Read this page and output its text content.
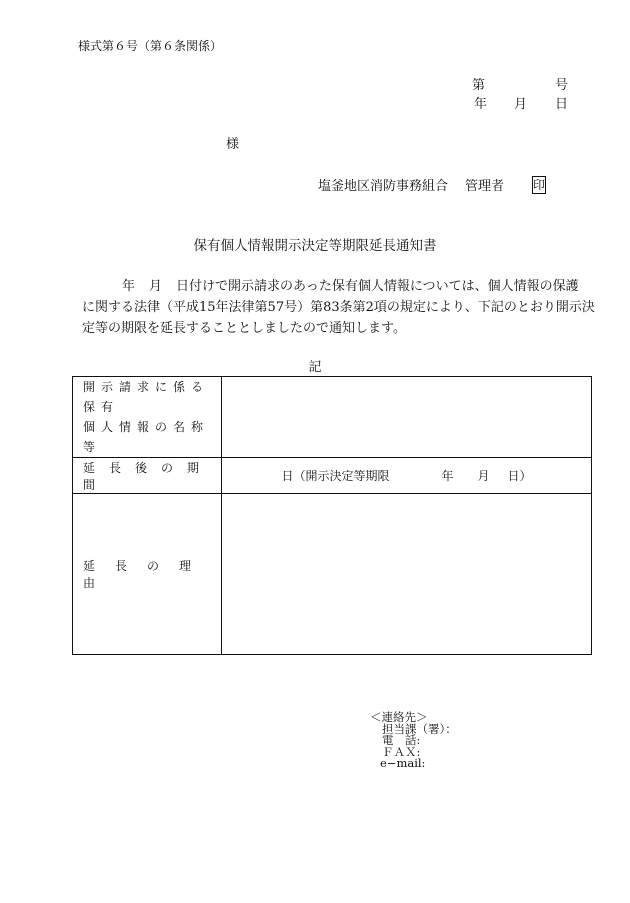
様式第６号（第６条関係）
第	号
年 月 日
様
塩釜地区消防事務組合 管理者 印
保有個人情報開示決定等期限延長通知書
年 月 日付けで開示請求のあった保有個人情報については、個人情報の保護
に関する法律（平成15年法律第57号）第83条第2項の規定により、下記のとおり開示決
定等の期限を延長することとしましたので通知します。
記
開示請求に係る保有
個人情報の名称等	

延長後の期間	日（開示決定等期限 年 月 日）
延長の理由	
＜連絡先＞
担当課（署）：
電　話:
ＦＡＸ:
e−mail:
